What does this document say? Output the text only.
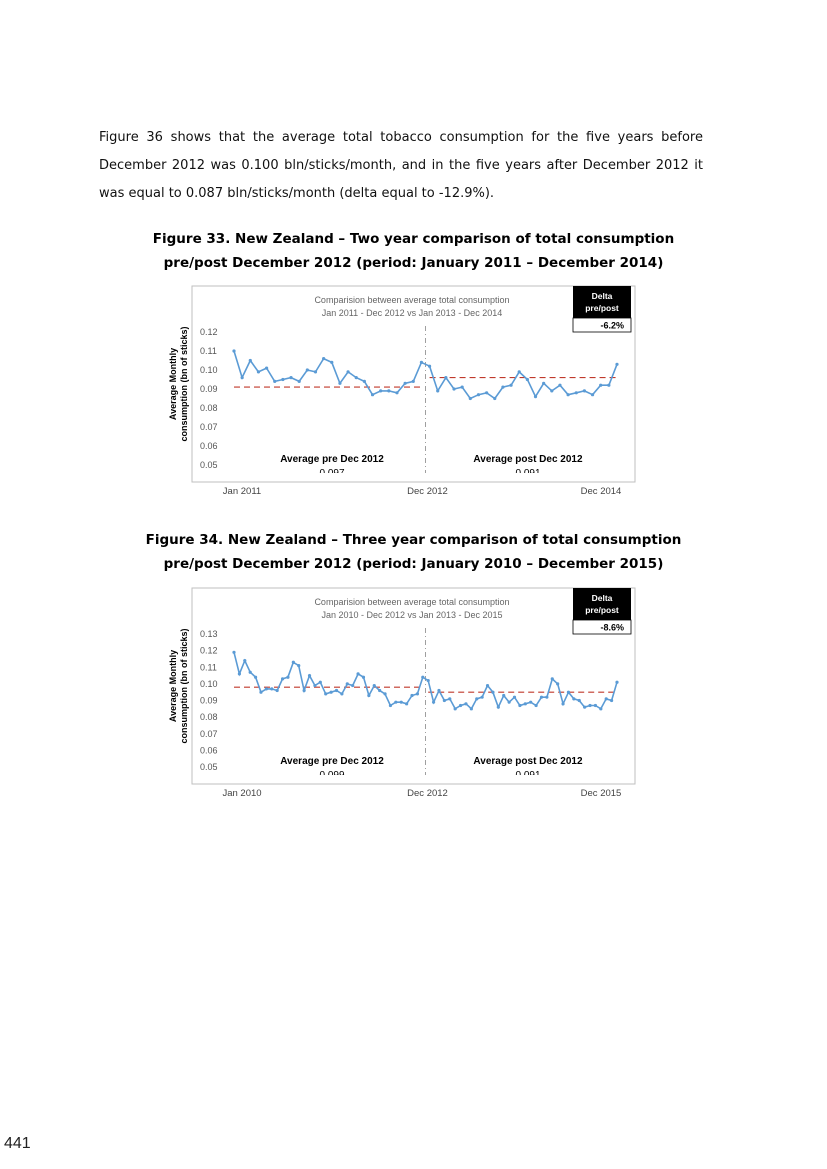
Figure 36 shows that the average total tobacco consumption for the five years before December 2012 was 0.100 bln/sticks/month, and in the five years after December 2012 it was equal to 0.087 bln/sticks/month (delta equal to -12.9%).

Figure 33. New Zealand – Two year comparison of total consumption
pre/post December 2012 (period: January 2011 – December 2014)

Comparision between average total consumption
Jan 2011 - Dec 2012 vs Jan 2013 - Dec 2014
Average Monthly consumption (bn of sticks) 0.12
0.11
0.10
0.09
0.08
0.07
0.06
0.05
Delta
pre/post
-6.2%
Average pre Dec 2012	Average post Dec 2012
Jan 2011	Dec 2012	Dec 2014

Figure 34. New Zealand – Three year comparison of total consumption
pre/post December 2012 (period: January 2010 – December 2015)

Comparision between average total consumption
Jan 2010 - Dec 2012 vs Jan 2013 - Dec 2015
Average Monthly consumption (bn of sticks) 0.13
0.12
0.11
0.10
0.09
0.08
0.07
0.06
0.05
Delta
pre/post
-8.6%
Average pre Dec 2012	Average post Dec 2012
Jan 2010	Dec 2012	Dec 2015
441
